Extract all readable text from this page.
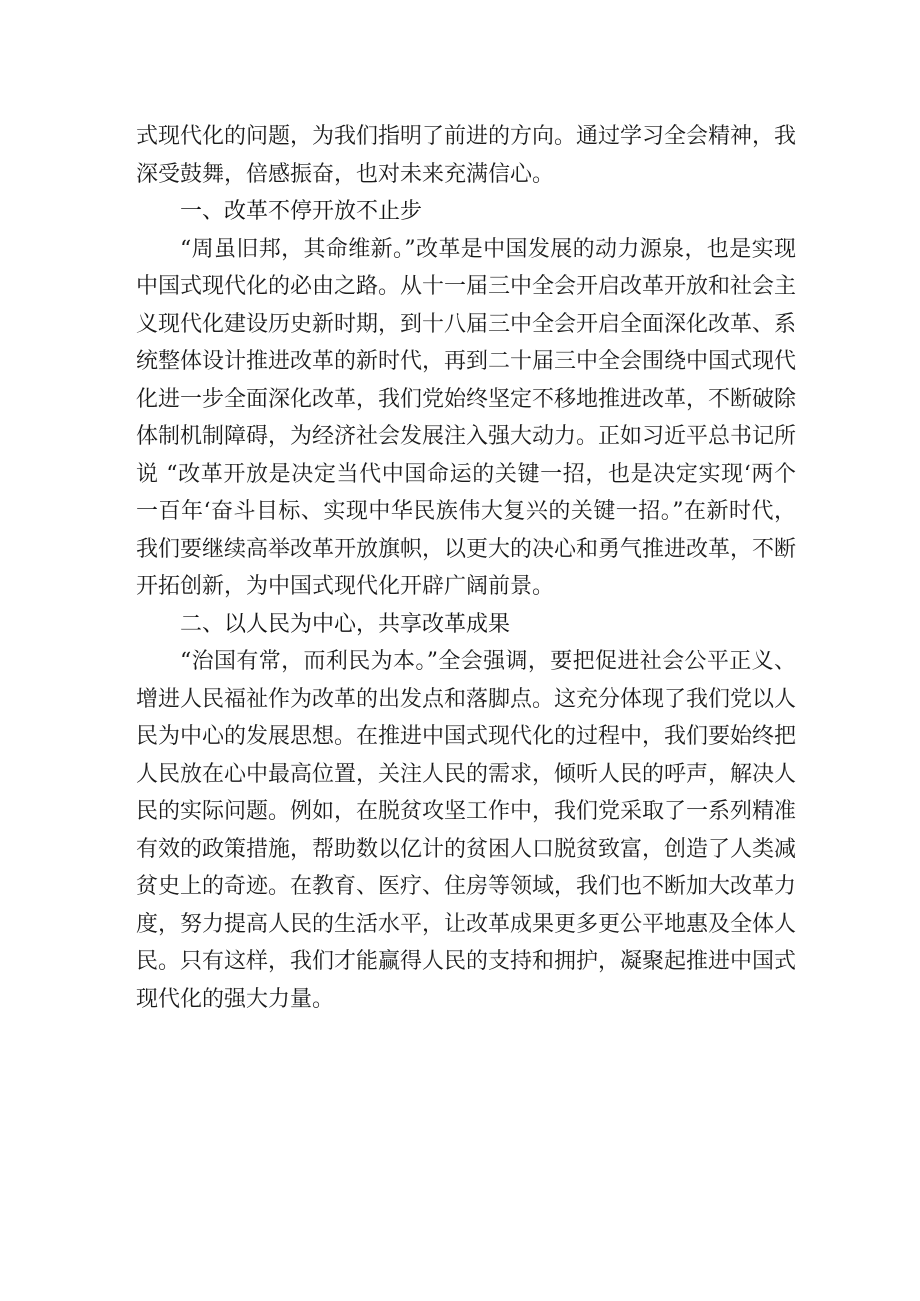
式现代化的问题，为我们指明了前进的方向。通过学习全会精神，我深受鼓舞，倍感振奋，也对未来充满信心。

一、改革不停开放不止步

“周虽旧邦，其命维新。”改革是中国发展的动力源泉，也是实现中国式现代化的必由之路。从十一届三中全会开启改革开放和社会主义现代化建设历史新时期，到十八届三中全会开启全面深化改革、系统整体设计推进改革的新时代，再到二十届三中全会围绕中国式现代化进一步全面深化改革，我们党始终坚定不移地推进改革，不断破除体制机制障碍，为经济社会发展注入强大动力。正如习近平总书记所说 “改革开放是决定当代中国命运的关键一招，也是决定实现‘两个一百年‘奋斗目标、实现中华民族伟大复兴的关键一招。”在新时代，我们要继续高举改革开放旗帜，以更大的决心和勇气推进改革，不断开拓创新，为中国式现代化开辟广阔前景。

二、以人民为中心，共享改革成果

“治国有常，而利民为本。”全会强调，要把促进社会公平正义、增进人民福祉作为改革的出发点和落脚点。这充分体现了我们党以人民为中心的发展思想。在推进中国式现代化的过程中，我们要始终把人民放在心中最高位置，关注人民的需求，倾听人民的呼声，解决人民的实际问题。例如，在脱贫攻坚工作中，我们党采取了一系列精准有效的政策措施，帮助数以亿计的贫困人口脱贫致富，创造了人类减贫史上的奇迹。在教育、医疗、住房等领域，我们也不断加大改革力度，努力提高人民的生活水平，让改革成果更多更公平地惠及全体人民。只有这样，我们才能赢得人民的支持和拥护，凝聚起推进中国式现代化的强大力量。
